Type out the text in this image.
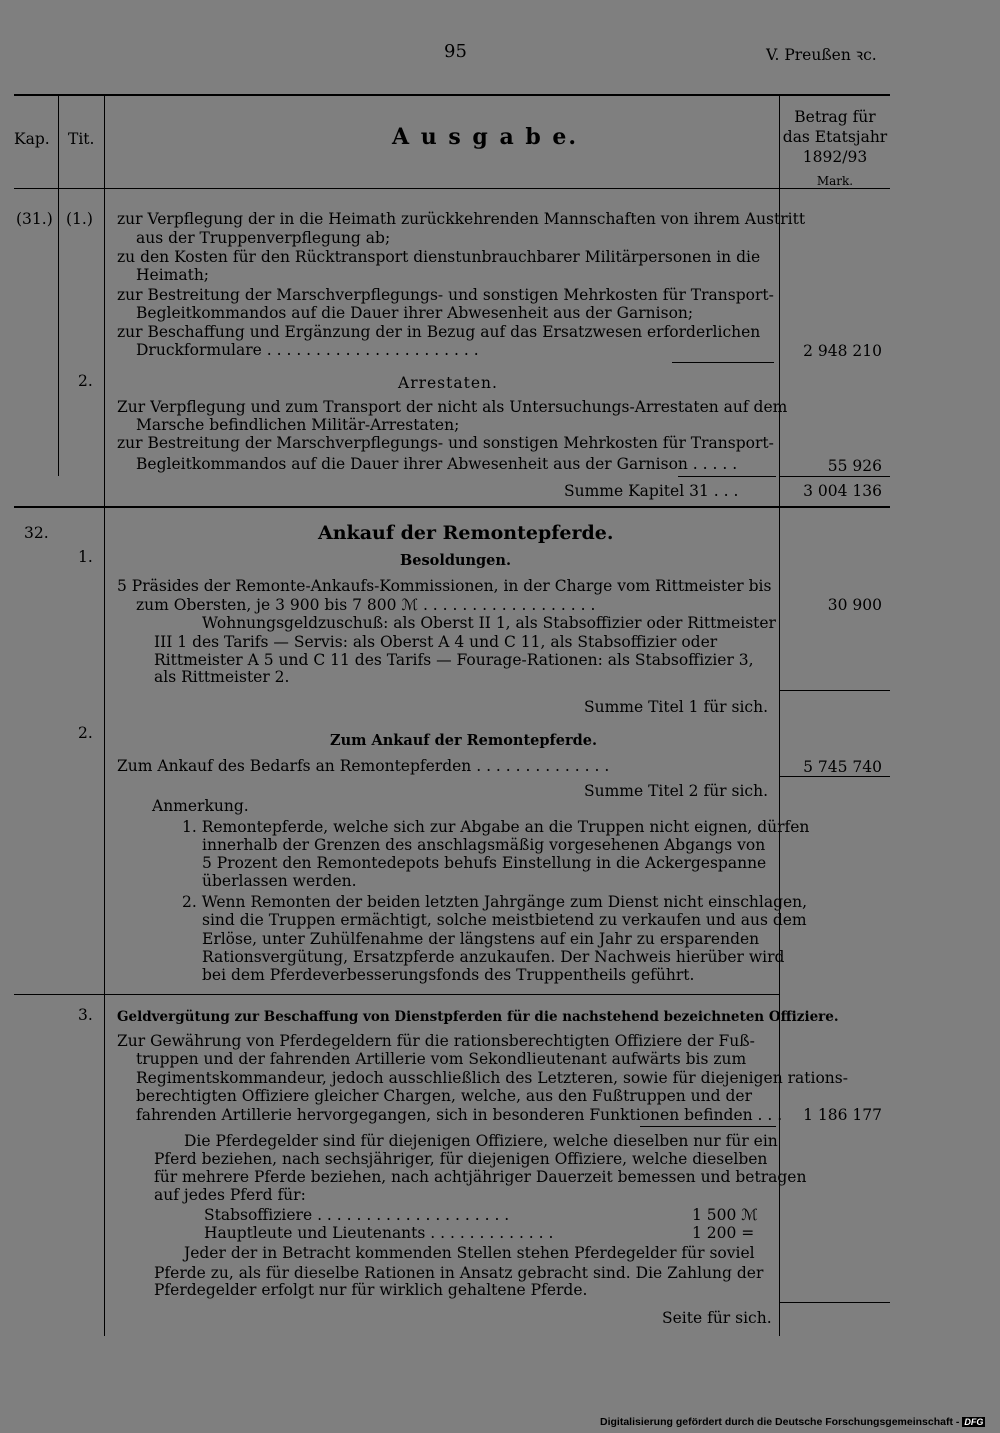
95	V. Preußen ꝛc.
Kap. Tit.	A u s g a b e.
Betrag für
das Etatsjahr
1892/93
Mark.
(31.) (1.) zur Verpflegung der in die Heimath zurückkehrenden Mannschaften von ihrem Austritt
aus der Truppenverpflegung ab;
zu den Kosten für den Rücktransport dienstunbrauchbarer Militärpersonen in die
Heimath;
zur Bestreitung der Marschverpflegungs- und sonstigen Mehrkosten für Transport-
Begleitkommandos auf die Dauer ihrer Abwesenheit aus der Garnison;
zur Beschaffung und Ergänzung der in Bezug auf das Ersatzwesen erforderlichen
Druckformulare . . . . . . . . . . . . . . . . . . . . . .	2 948 210
2.	Arrestaten.
Zur Verpflegung und zum Transport der nicht als Untersuchungs-Arrestaten auf dem
Marsche befindlichen Militär-Arrestaten;
zur Bestreitung der Marschverpflegungs- und sonstigen Mehrkosten für Transport-
Begleitkommandos auf die Dauer ihrer Abwesenheit aus der Garnison . . . . .	55 926
Summe Kapitel 31 . . .	3 004 136
32.	Ankauf der Remontepferde.
1.	Besoldungen.
5 Präsides der Remonte-Ankaufs-Kommissionen, in der Charge vom Rittmeister bis
zum Obersten, je 3 900 bis 7 800 ℳ . . . . . . . . . . . . . . . . . .	30 900
Wohnungsgeldzuschuß: als Oberst II 1, als Stabsoffizier oder Rittmeister
III 1 des Tarifs — Servis: als Oberst A 4 und C 11, als Stabsoffizier oder
Rittmeister A 5 und C 11 des Tarifs — Fourage-Rationen: als Stabsoffizier 3,
als Rittmeister 2.
Summe Titel 1 für sich.
2.	Zum Ankauf der Remontepferde.
Zum Ankauf des Bedarfs an Remontepferden . . . . . . . . . . . . . .	5 745 740
Summe Titel 2 für sich.
Anmerkung.
1. Remontepferde, welche sich zur Abgabe an die Truppen nicht eignen, dürfen
innerhalb der Grenzen des anschlagsmäßig vorgesehenen Abgangs von
5 Prozent den Remontedepots behufs Einstellung in die Ackergespanne
überlassen werden.
2. Wenn Remonten der beiden letzten Jahrgänge zum Dienst nicht einschlagen,
sind die Truppen ermächtigt, solche meistbietend zu verkaufen und aus dem
Erlöse, unter Zuhülfenahme der längstens auf ein Jahr zu ersparenden
Rationsvergütung, Ersatzpferde anzukaufen. Der Nachweis hierüber wird
bei dem Pferdeverbesserungsfonds des Truppentheils geführt.
3. Geldvergütung zur Beschaffung von Dienstpferden für die nachstehend bezeichneten Offiziere.
Zur Gewährung von Pferdegeldern für die rationsberechtigten Offiziere der Fuß-
truppen und der fahrenden Artillerie vom Sekondlieutenant aufwärts bis zum
Regimentskommandeur, jedoch ausschließlich des Letzteren, sowie für diejenigen rations-
berechtigten Offiziere gleicher Chargen, welche, aus den Fußtruppen und der
fahrenden Artillerie hervorgegangen, sich in besonderen Funktionen befinden . . .	1 186 177
Die Pferdegelder sind für diejenigen Offiziere, welche dieselben nur für ein
Pferd beziehen, nach sechsjähriger, für diejenigen Offiziere, welche dieselben
für mehrere Pferde beziehen, nach achtjähriger Dauerzeit bemessen und betragen
auf jedes Pferd für:
Stabsoffiziere . . . . . . . . . . . . . . . . . . . .	1 500 ℳ
Hauptleute und Lieutenants . . . . . . . . . . . . .	1 200 =
Jeder der in Betracht kommenden Stellen stehen Pferdegelder für soviel
Pferde zu, als für dieselbe Rationen in Ansatz gebracht sind. Die Zahlung der
Pferdegelder erfolgt nur für wirklich gehaltene Pferde.
Seite für sich.
Digitalisierung gefördert durch die Deutsche Forschungsgemeinschaft - DFG
